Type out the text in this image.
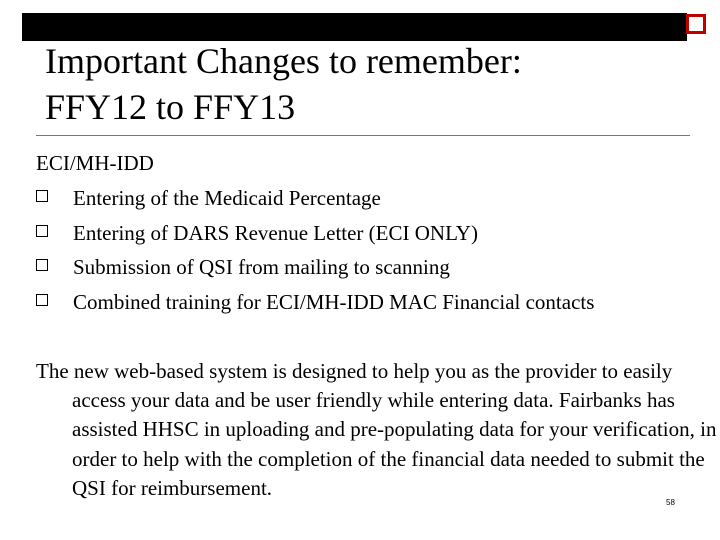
Important Changes to remember:
FFY12 to FFY13
ECI/MH-IDD
Entering of the Medicaid Percentage
Entering of DARS Revenue Letter (ECI ONLY)
Submission of QSI from mailing to scanning
Combined training for ECI/MH-IDD MAC Financial contacts

The new web-based system is designed to help you as the provider to easily access your data and be user friendly while entering data. Fairbanks has assisted HHSC in uploading and pre-populating data for your verification, in order to help with the completion of the financial data needed to submit the QSI for reimbursement.

58
